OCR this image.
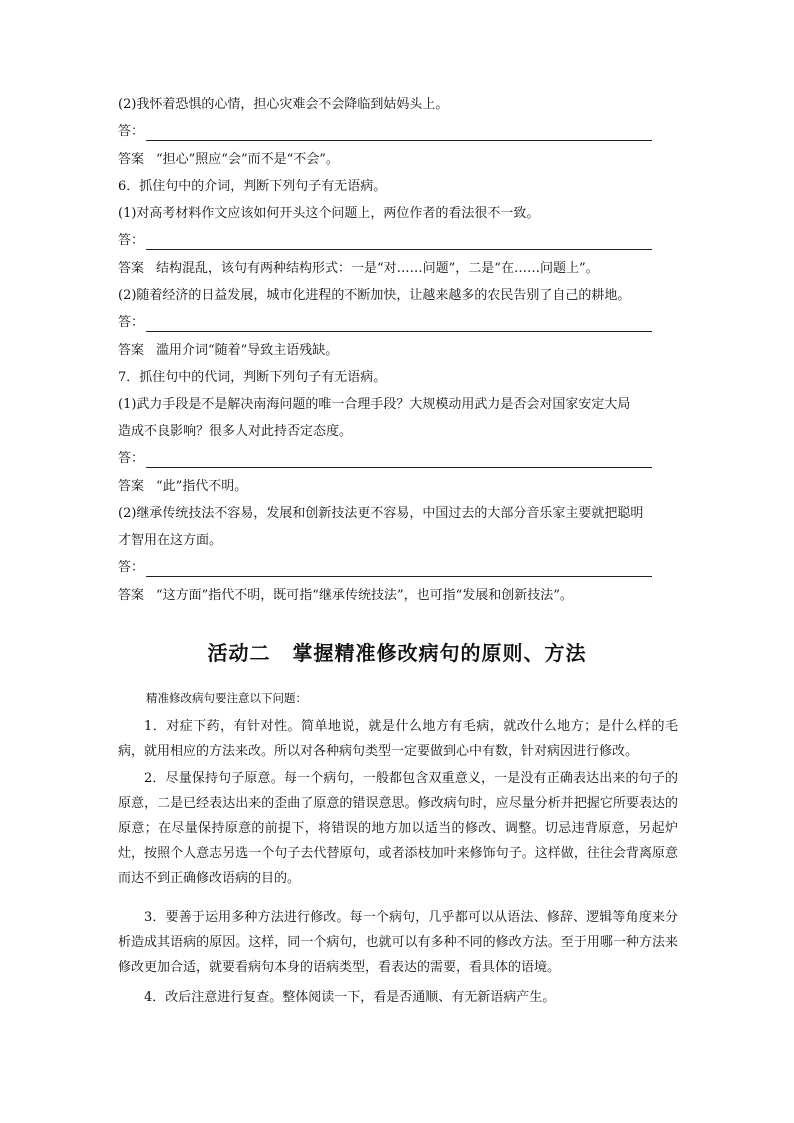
(2)我怀着恐惧的心情，担心灾难会不会降临到姑妈头上。
答：
答案 “担心”照应“会”而不是“不会”。
6．抓住句中的介词，判断下列句子有无语病。
(1)对高考材料作文应该如何开头这个问题上，两位作者的看法很不一致。
答：
答案 结构混乱，该句有两种结构形式：一是“对……问题”，二是“在……问题上”。
(2)随着经济的日益发展，城市化进程的不断加快，让越来越多的农民告别了自己的耕地。
答：
答案 滥用介词“随着”导致主语残缺。
7．抓住句中的代词，判断下列句子有无语病。
(1)武力手段是不是解决南海问题的唯一合理手段？大规模动用武力是否会对国家安定大局
造成不良影响？很多人对此持否定态度。
答：
答案 “此”指代不明。
(2)继承传统技法不容易，发展和创新技法更不容易，中国过去的大部分音乐家主要就把聪明
才智用在这方面。
答：
答案 “这方面”指代不明，既可指“继承传统技法”，也可指“发展和创新技法”。
活动二 掌握精准修改病句的原则、方法
精准修改病句要注意以下问题：
1．对症下药，有针对性。简单地说，就是什么地方有毛病，就改什么地方；是什么样的毛病，就用相应的方法来改。所以对各种病句类型一定要做到心中有数，针对病因进行修改。
2．尽量保持句子原意。每一个病句，一般都包含双重意义，一是没有正确表达出来的句子的原意，二是已经表达出来的歪曲了原意的错误意思。修改病句时，应尽量分析并把握它所要表达的原意；在尽量保持原意的前提下，将错误的地方加以适当的修改、调整。切忌违背原意，另起炉灶，按照个人意志另选一个句子去代替原句，或者添枝加叶来修饰句子。这样做，往往会背离原意而达不到正确修改语病的目的。
3．要善于运用多种方法进行修改。每一个病句，几乎都可以从语法、修辞、逻辑等角度来分析造成其语病的原因。这样，同一个病句，也就可以有多种不同的修改方法。至于用哪一种方法来修改更加合适，就要看病句本身的语病类型，看表达的需要，看具体的语境。
4．改后注意进行复查。整体阅读一下，看是否通顺、有无新语病产生。
